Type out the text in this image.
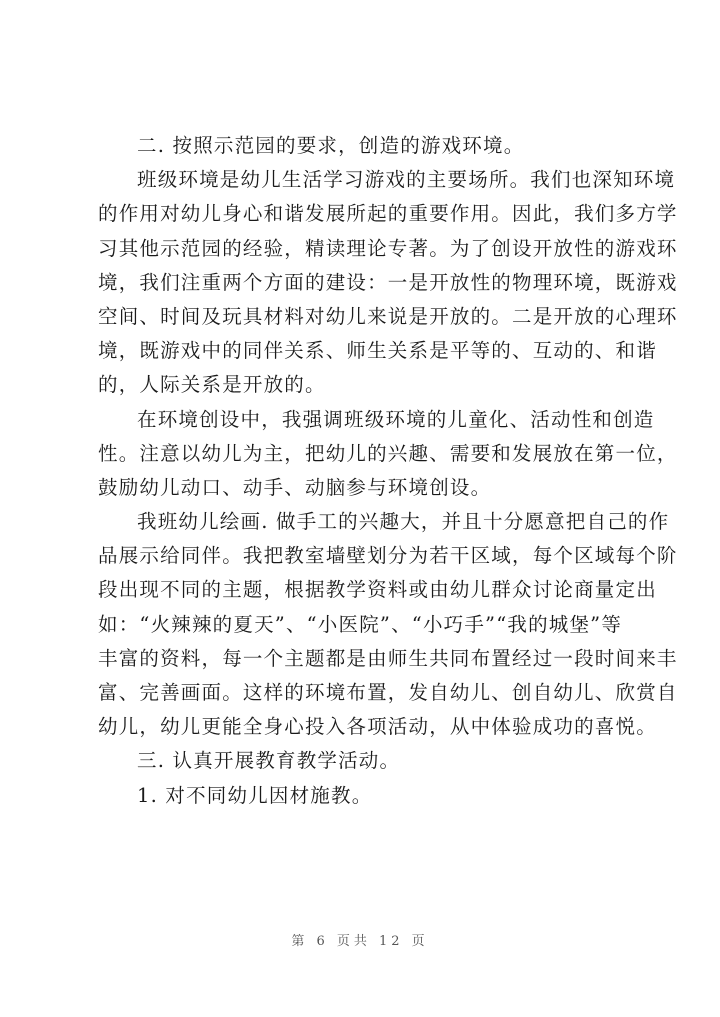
二. 按照示范园的要求，创造的游戏环境。
班级环境是幼儿生活学习游戏的主要场所。我们也深知环境
的作用对幼儿身心和谐发展所起的重要作用。因此，我们多方学
习其他示范园的经验，精读理论专著。为了创设开放性的游戏环
境，我们注重两个方面的建设：一是开放性的物理环境，既游戏
空间、时间及玩具材料对幼儿来说是开放的。二是开放的心理环
境，既游戏中的同伴关系、师生关系是平等的、互动的、和谐
的，人际关系是开放的。
在环境创设中，我强调班级环境的儿童化、活动性和创造
性。注意以幼儿为主，把幼儿的兴趣、需要和发展放在第一位，
鼓励幼儿动口、动手、动脑参与环境创设。
我班幼儿绘画. 做手工的兴趣大，并且十分愿意把自己的作
品展示给同伴。我把教室墙壁划分为若干区域，每个区域每个阶
段出现不同的主题，根据教学资料或由幼儿群众讨论商量定出
如：“火辣辣的夏天”、“小医院”、“小巧手”“我的城堡”等
丰富的资料，每一个主题都是由师生共同布置经过一段时间来丰
富、完善画面。这样的环境布置，发自幼儿、创自幼儿、欣赏自
幼儿，幼儿更能全身心投入各项活动，从中体验成功的喜悦。
三. 认真开展教育教学活动。
1. 对不同幼儿因材施教。
第 6 页共 12 页
